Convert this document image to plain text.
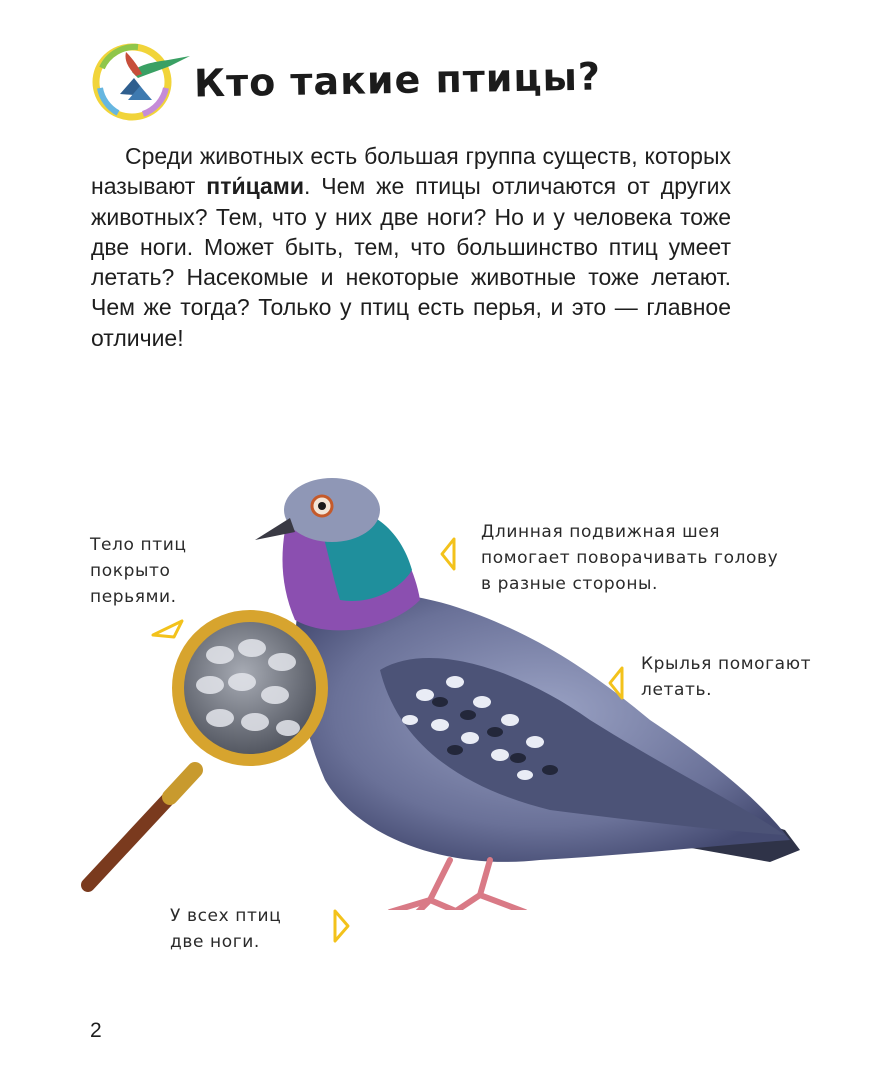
Кто такие птицы?

Среди животных есть большая группа существ, которых называют пти́цами. Чем же птицы отличаются от других животных? Тем, что у них две ноги? Но и у человека тоже две ноги. Может быть, тем, что большинство птиц умеет летать? Насекомые и некоторые животные тоже летают. Чем же тогда? Только у птиц есть перья, и это — главное отличие!

Тело птиц
покрыто
перьями.

Длинная подвижная шея
помогает поворачивать голову
в разные стороны.

Крылья помогают
летать.

У всех птиц
две ноги.

2
